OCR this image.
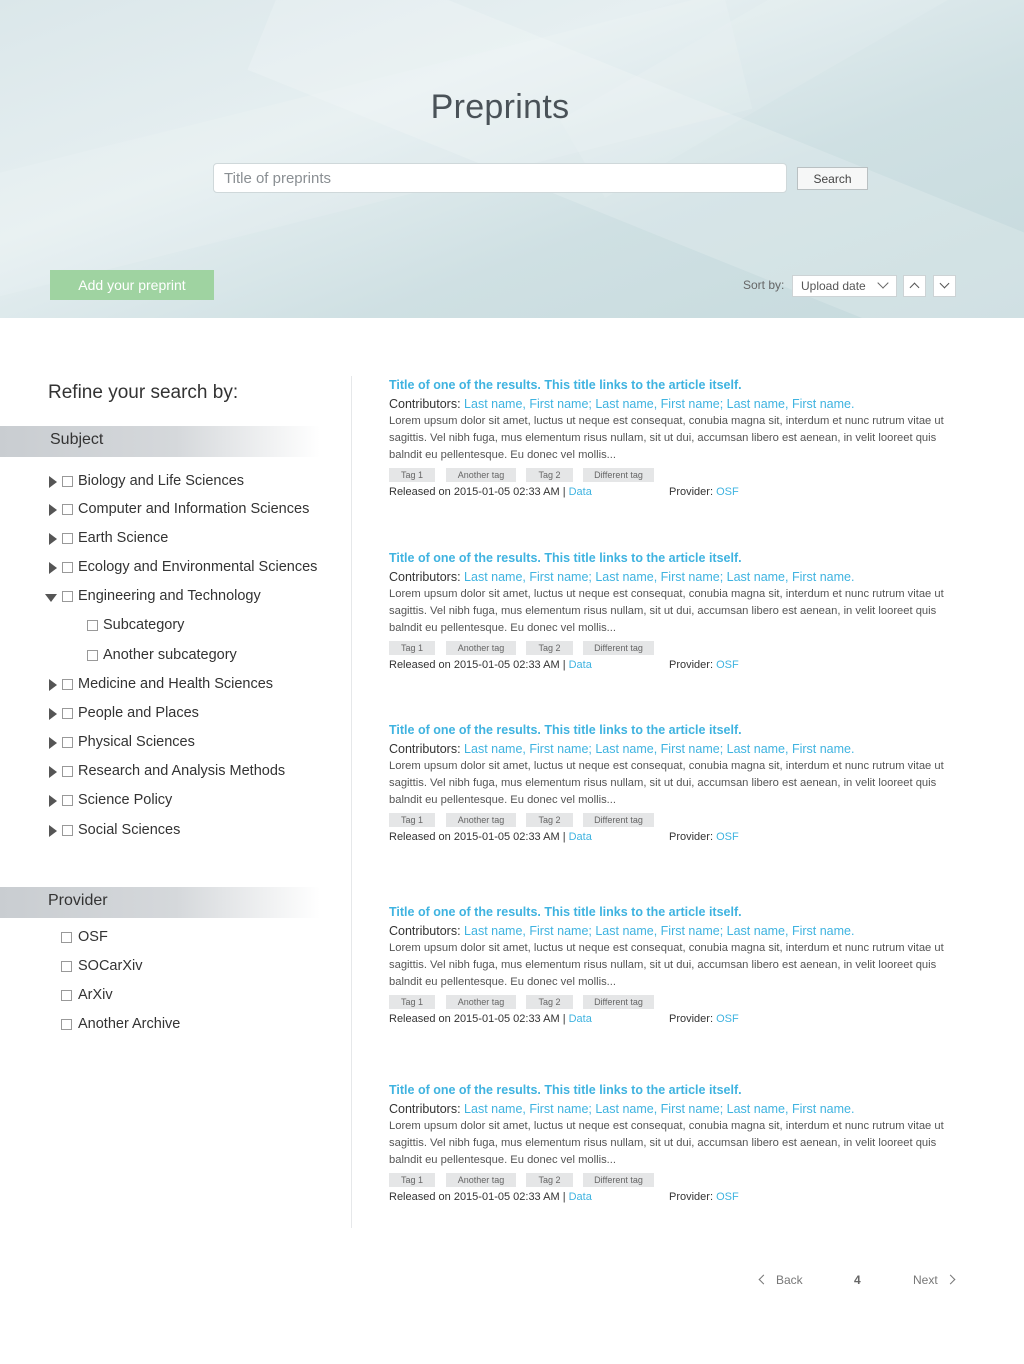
Preprints
Title of preprints
Search
Add your preprint	Sort by:	Upload date
Refine your search by:
Subject
Biology and Life Sciences
Computer and Information Sciences
Earth Science
Ecology and Environmental Sciences
Engineering and Technology
Subcategory
Another subcategory
Medicine and Health Sciences
People and Places
Physical Sciences
Research and Analysis Methods
Science Policy
Social Sciences
Provider
OSF
SOCarXiv
ArXiv
Another Archive
Title of one of the results. This title links to the article itself.
Contributors: Last name, First name; Last name, First name; Last name, First name.
Lorem upsum dolor sit amet, luctus ut neque est consequat, conubia magna sit, interdum et nunc rutrum vitae ut sagittis. Vel nibh fuga, mus elementum risus nullam, sit ut dui, accumsan libero est aenean, in velit looreet quis balndit eu pellentesque. Eu donec vel mollis...
Tag 1	Another tag	Tag 2	Different tag
Released on 2015-01-05 02:33 AM | Data	Provider: OSF
Title of one of the results. This title links to the article itself.
Contributors: Last name, First name; Last name, First name; Last name, First name.
Lorem upsum dolor sit amet, luctus ut neque est consequat, conubia magna sit, interdum et nunc rutrum vitae ut sagittis. Vel nibh fuga, mus elementum risus nullam, sit ut dui, accumsan libero est aenean, in velit looreet quis balndit eu pellentesque. Eu donec vel mollis...
Tag 1	Another tag	Tag 2	Different tag
Released on 2015-01-05 02:33 AM | Data	Provider: OSF
Title of one of the results. This title links to the article itself.
Contributors: Last name, First name; Last name, First name; Last name, First name.
Lorem upsum dolor sit amet, luctus ut neque est consequat, conubia magna sit, interdum et nunc rutrum vitae ut sagittis. Vel nibh fuga, mus elementum risus nullam, sit ut dui, accumsan libero est aenean, in velit looreet quis balndit eu pellentesque. Eu donec vel mollis...
Tag 1	Another tag	Tag 2	Different tag
Released on 2015-01-05 02:33 AM | Data	Provider: OSF
Title of one of the results. This title links to the article itself.
Contributors: Last name, First name; Last name, First name; Last name, First name.
Lorem upsum dolor sit amet, luctus ut neque est consequat, conubia magna sit, interdum et nunc rutrum vitae ut sagittis. Vel nibh fuga, mus elementum risus nullam, sit ut dui, accumsan libero est aenean, in velit looreet quis balndit eu pellentesque. Eu donec vel mollis...
Tag 1	Another tag	Tag 2	Different tag
Released on 2015-01-05 02:33 AM | Data	Provider: OSF
Title of one of the results. This title links to the article itself.
Contributors: Last name, First name; Last name, First name; Last name, First name.
Lorem upsum dolor sit amet, luctus ut neque est consequat, conubia magna sit, interdum et nunc rutrum vitae ut sagittis. Vel nibh fuga, mus elementum risus nullam, sit ut dui, accumsan libero est aenean, in velit looreet quis balndit eu pellentesque. Eu donec vel mollis...
Tag 1	Another tag	Tag 2	Different tag
Released on 2015-01-05 02:33 AM | Data	Provider: OSF
Back	4	Next
